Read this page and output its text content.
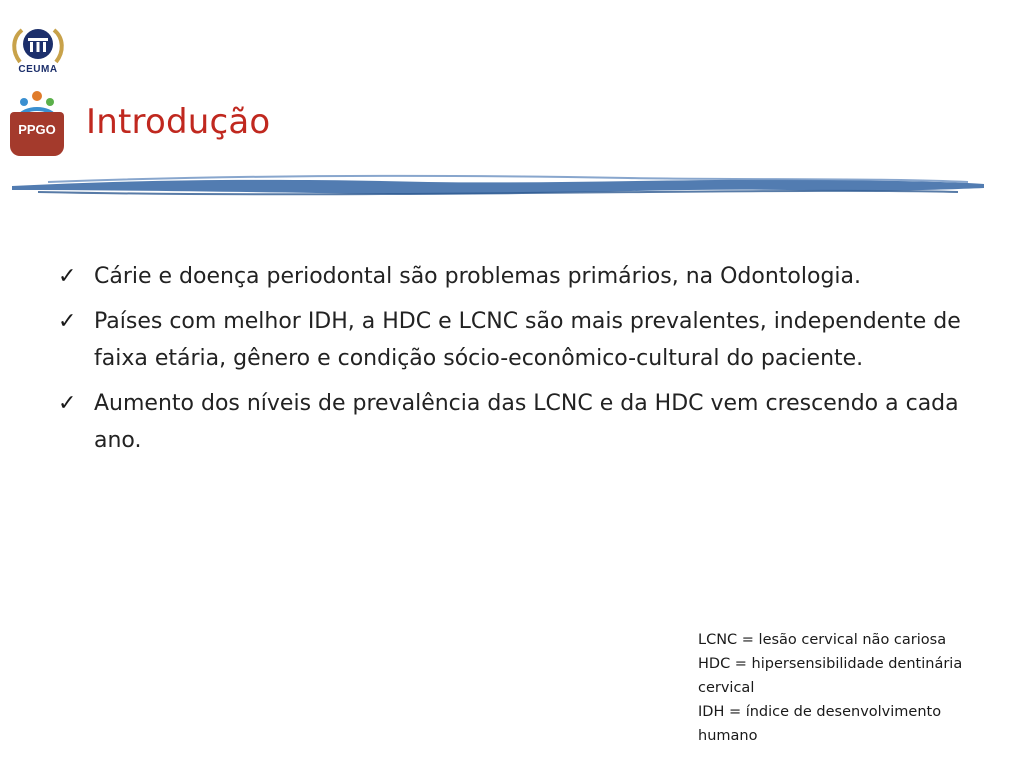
CEUMA
PPGO Introdução
✓ Cárie e doença periodontal são problemas primários, na Odontologia.
✓ Países com melhor IDH, a HDC e LCNC são mais prevalentes, independente de faixa etária, gênero e condição sócio-econômico-cultural do paciente.
✓ Aumento dos níveis de prevalência das LCNC e da HDC vem crescendo a cada ano.
LCNC = lesão cervical não cariosa
HDC = hipersensibilidade dentinária cervical
IDH = índice de desenvolvimento humano
